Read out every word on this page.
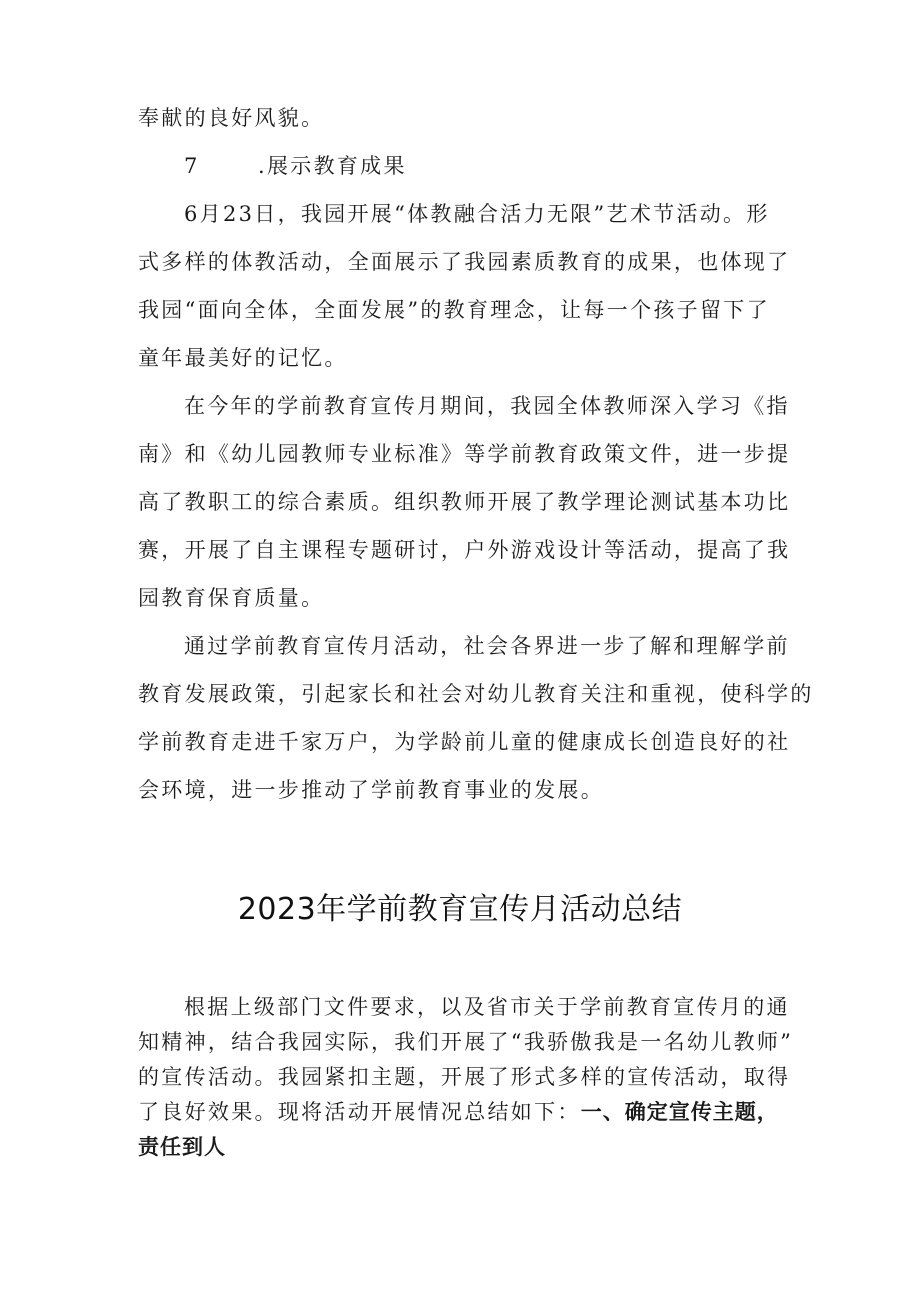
奉献的良好风貌。
7	.展示教育成果
6月23日，我园开展“体教融合活力无限”艺术节活动。形
式多样的体教活动，全面展示了我园素质教育的成果，也体现了
我园“面向全体，全面发展”的教育理念，让每一个孩子留下了
童年最美好的记忆。
在今年的学前教育宣传月期间，我园全体教师深入学习《指
南》和《幼儿园教师专业标准》等学前教育政策文件，进一步提
高了教职工的综合素质。组织教师开展了教学理论测试基本功比
赛，开展了自主课程专题研讨，户外游戏设计等活动，提高了我
园教育保育质量。
通过学前教育宣传月活动，社会各界进一步了解和理解学前
教育发展政策，引起家长和社会对幼儿教育关注和重视，使科学的
学前教育走进千家万户，为学龄前儿童的健康成长创造良好的社
会环境，进一步推动了学前教育事业的发展。
2023年学前教育宣传月活动总结
根据上级部门文件要求，以及省市关于学前教育宣传月的通
知精神，结合我园实际，我们开展了“我骄傲我是一名幼儿教师”
的宣传活动。我园紧扣主题，开展了形式多样的宣传活动，取得
了良好效果。现将活动开展情况总结如下：一、确定宣传主题，
责任到人
